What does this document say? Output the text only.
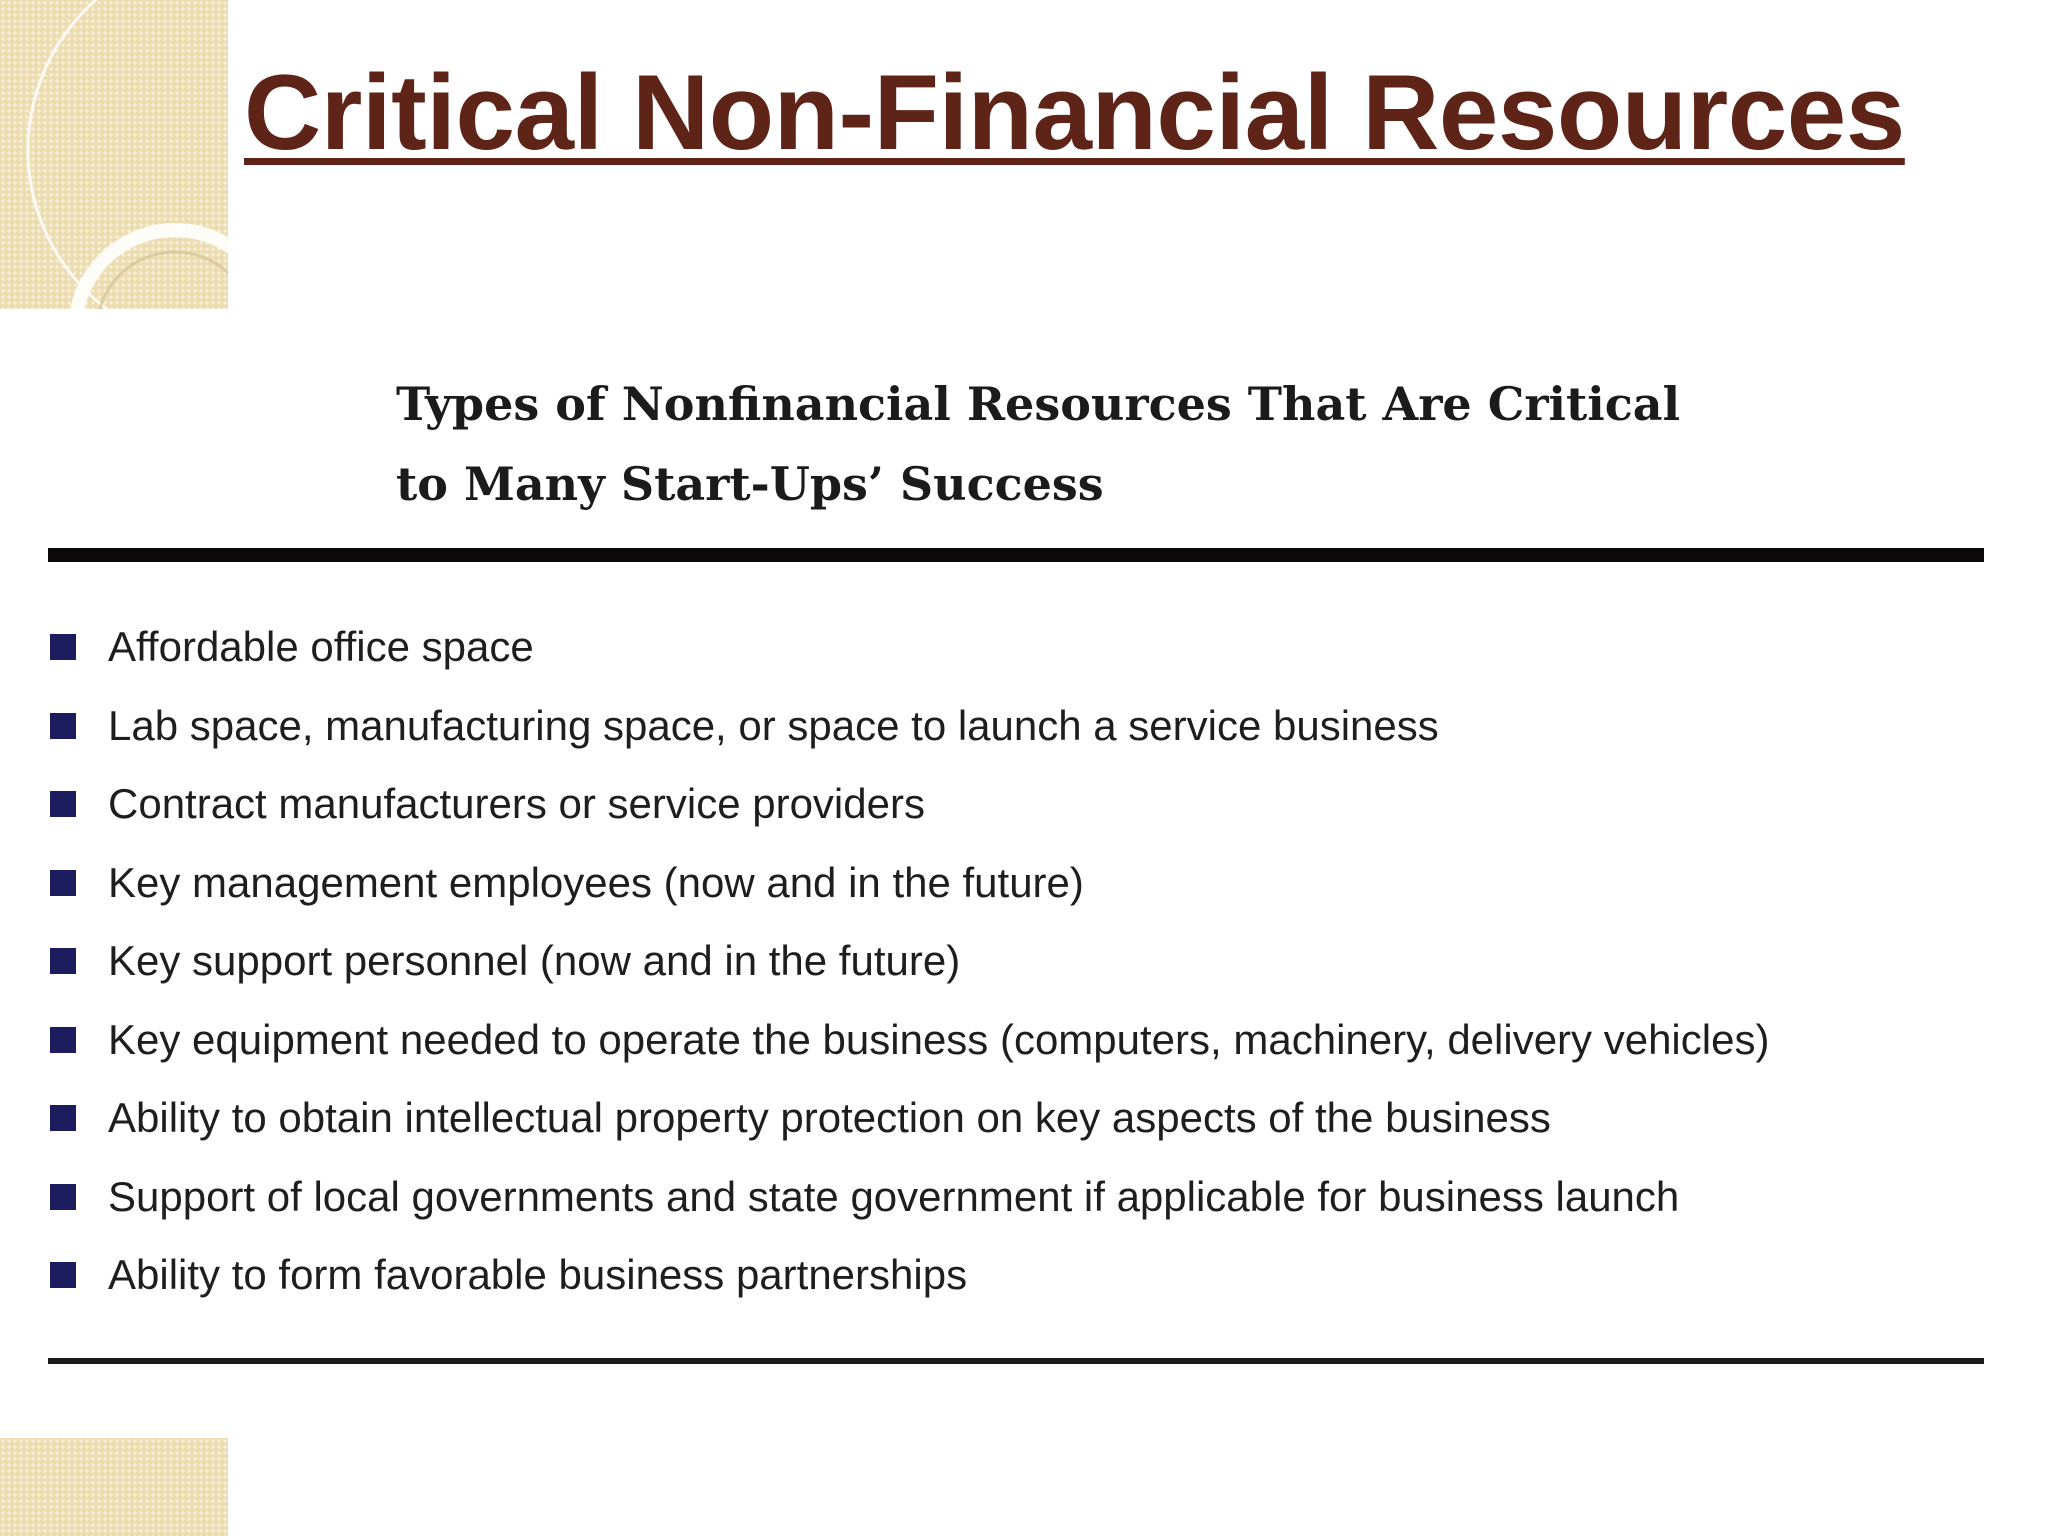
Critical Non-Financial Resources
Types of Nonfinancial Resources That Are Critical
to Many Start-Ups’ Success
Affordable office space
Lab space, manufacturing space, or space to launch a service business
Contract manufacturers or service providers
Key management employees (now and in the future)
Key support personnel (now and in the future)
Key equipment needed to operate the business (computers, machinery, delivery vehicles)
Ability to obtain intellectual property protection on key aspects of the business
Support of local governments and state government if applicable for business launch
Ability to form favorable business partnerships
